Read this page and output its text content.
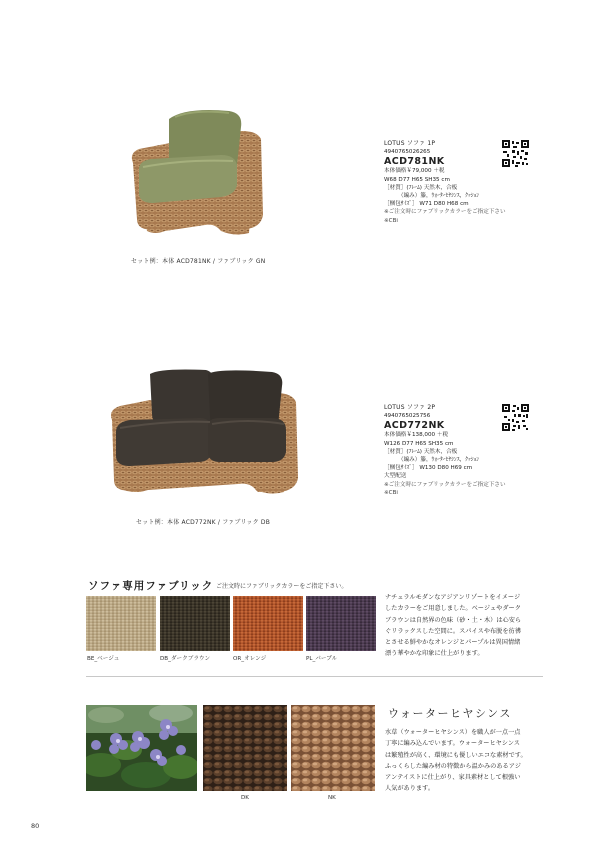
セット例：本体 ACD781NK / ファブリック GN
LOTUS ソファ 1P
4940765026265
ACD781NK
本体価格￥79,000 ＋税
W68 D77 H65 SH35 cm
［材質］(ﾌﾚｰﾑ) 天然木，合板
　　　（編み）籐，ｳｫｰﾀｰﾋﾔｼﾝｽ，ｸｯｼｮﾝ
［梱包ｻｲｽﾞ］ W71 D80 H68 cm
※ご注文時にファブリックカラーをご指定下さい
※CBi
セット例：本体 ACD772NK / ファブリック DB
LOTUS ソファ 2P
4940765025756
ACD772NK
本体価格￥138,000 ＋税
W126 D77 H65 SH35 cm
［材質］(ﾌﾚｰﾑ) 天然木，合板
　　　（編み）籐，ｳｫｰﾀｰﾋﾔｼﾝｽ，ｸｯｼｮﾝ
［梱包ｻｲｽﾞ］ W130 D80 H69 cm
大型配送
※ご注文時にファブリックカラーをご指定下さい
※CBi
ソファ専用ファブリック ご注文時にファブリックカラーをご指定下さい。
BE_ベージュ	DB_ダークブラウン	OR_オレンジ	PL_パープル
ナチュラルモダンなアジアンリゾートをイメージ
したカラーをご用意しました。ベージュやダーク
ブラウンは自然界の色味（砂・土・木）は心安ら
ぐリラックスした空間に。スパイスや布脱を彷彿
とさせる鮮やかなオレンジとパープルは異国情緒
漂う華やかな印象に仕上がります。
DK	NK
ウォーターヒヤシンス
水草（ウォーターヒヤシンス）を職人が一点一点
丁寧に編み込んでいます。ウォーターヒヤシンス
は繁殖性が高く、環境にも優しいエコな素材です。
ふっくらした編み材の特徴から温かみのあるアジ
アンテイストに仕上がり、家具素材として根強い
人気があります。
80
